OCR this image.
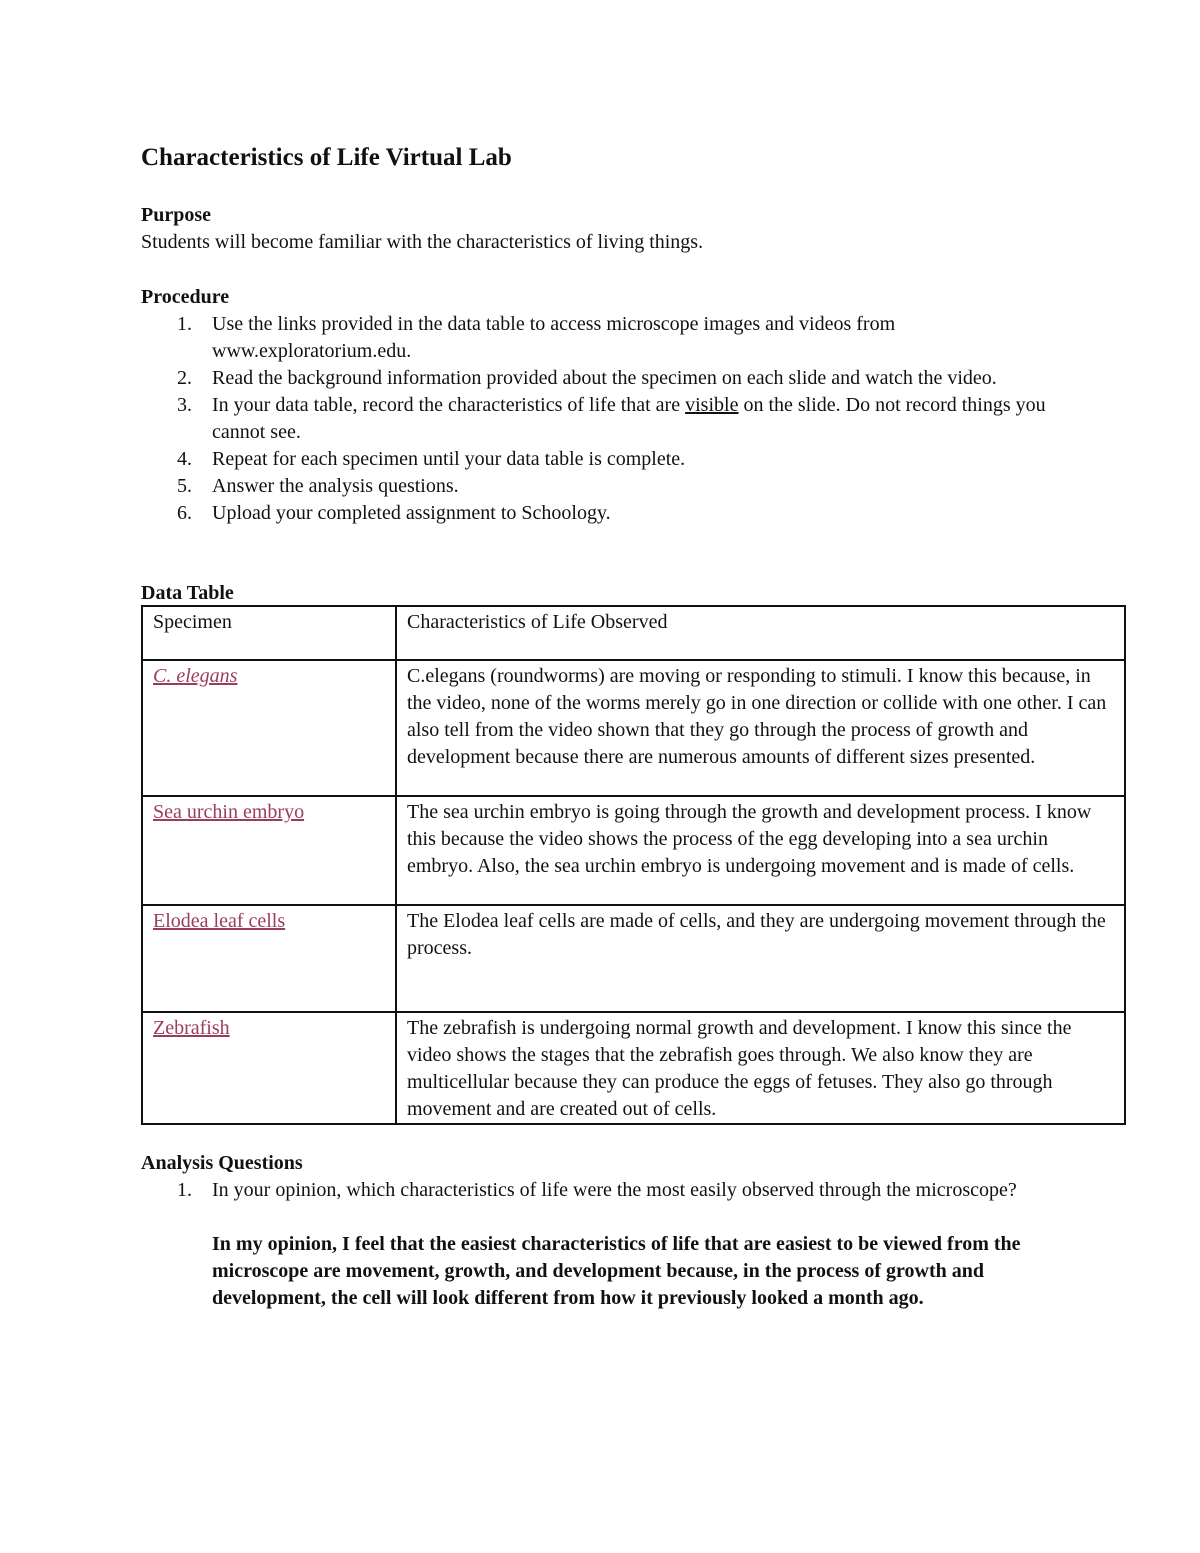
Characteristics of Life Virtual Lab
Purpose

Students will become familiar with the characteristics of living things.

Procedure
1. Use the links provided in the data table to access microscope images and videos from www.exploratorium.edu.
2. Read the background information provided about the specimen on each slide and watch the video.
3. In your data table, record the characteristics of life that are visible on the slide. Do not record things you cannot see.
4. Repeat for each specimen until your data table is complete.
5. Answer the analysis questions.
6. Upload your completed assignment to Schoology.
Data Table
Specimen	Characteristics of Life Observed
C. elegans	C.elegans (roundworms) are moving or responding to stimuli. I know this because, in the video, none of the worms merely go in one direction or collide with one other. I can also tell from the video shown that they go through the process of growth and development because there are numerous amounts of different sizes presented.
Sea urchin embryo	The sea urchin embryo is going through the growth and development process. I know this because the video shows the process of the egg developing into a sea urchin embryo. Also, the sea urchin embryo is undergoing movement and is made of cells.
Elodea leaf cells	The Elodea leaf cells are made of cells, and they are undergoing movement through the process.
Zebrafish	The zebrafish is undergoing normal growth and development. I know this since the video shows the stages that the zebrafish goes through. We also know they are multicellular because they can produce the eggs of fetuses. They also go through movement and are created out of cells.
Analysis Questions
1. In your opinion, which characteristics of life were the most easily observed through the microscope?
In my opinion, I feel that the easiest characteristics of life that are easiest to be viewed from the microscope are movement, growth, and development because, in the process of growth and development, the cell will look different from how it previously looked a month ago.
